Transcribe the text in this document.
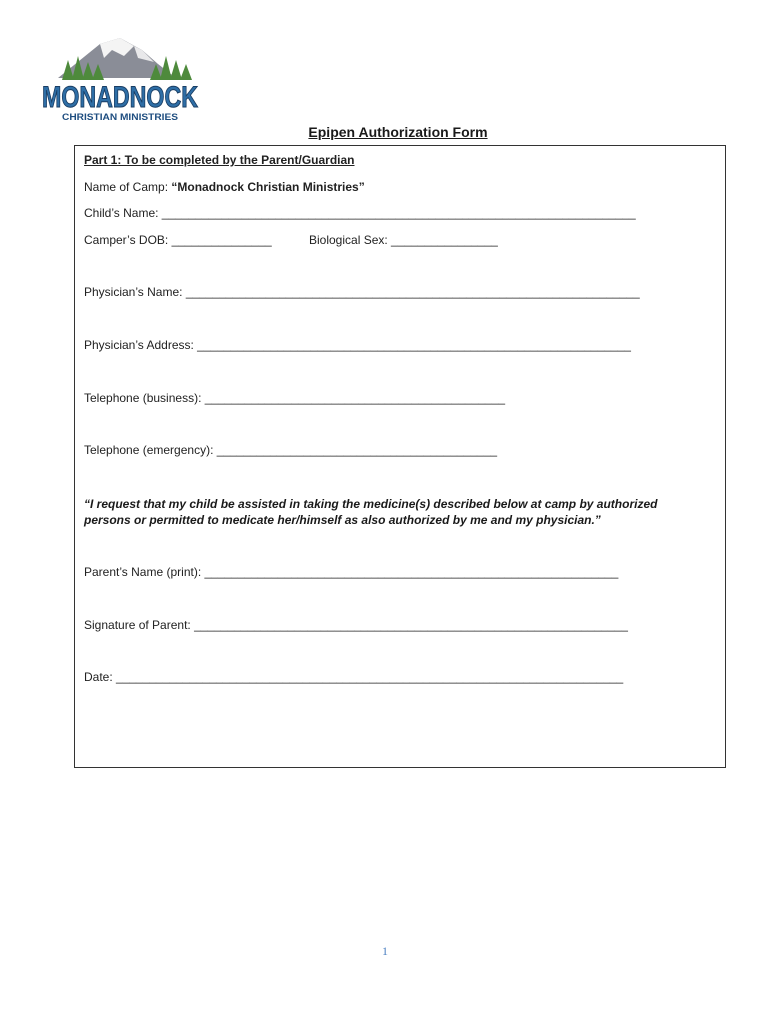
MONADNOCK
CHRISTIAN MINISTRIES
Epipen Authorization Form
Part 1: To be completed by the Parent/Guardian
Name of Camp: “Monadnock Christian Ministries”
Child’s Name: _______________________________________________________________________
Camper’s DOB: _______________	Biological Sex: ________________
Physician’s Name: ____________________________________________________________________
Physician’s Address: _________________________________________________________________
Telephone (business): _____________________________________________
Telephone (emergency): __________________________________________
“I request that my child be assisted in taking the medicine(s) described below at camp by authorized
persons or permitted to medicate her/himself as also authorized by me and my physician.”
Parent’s Name (print): ______________________________________________________________
Signature of Parent: _________________________________________________________________
Date: ____________________________________________________________________________
1
